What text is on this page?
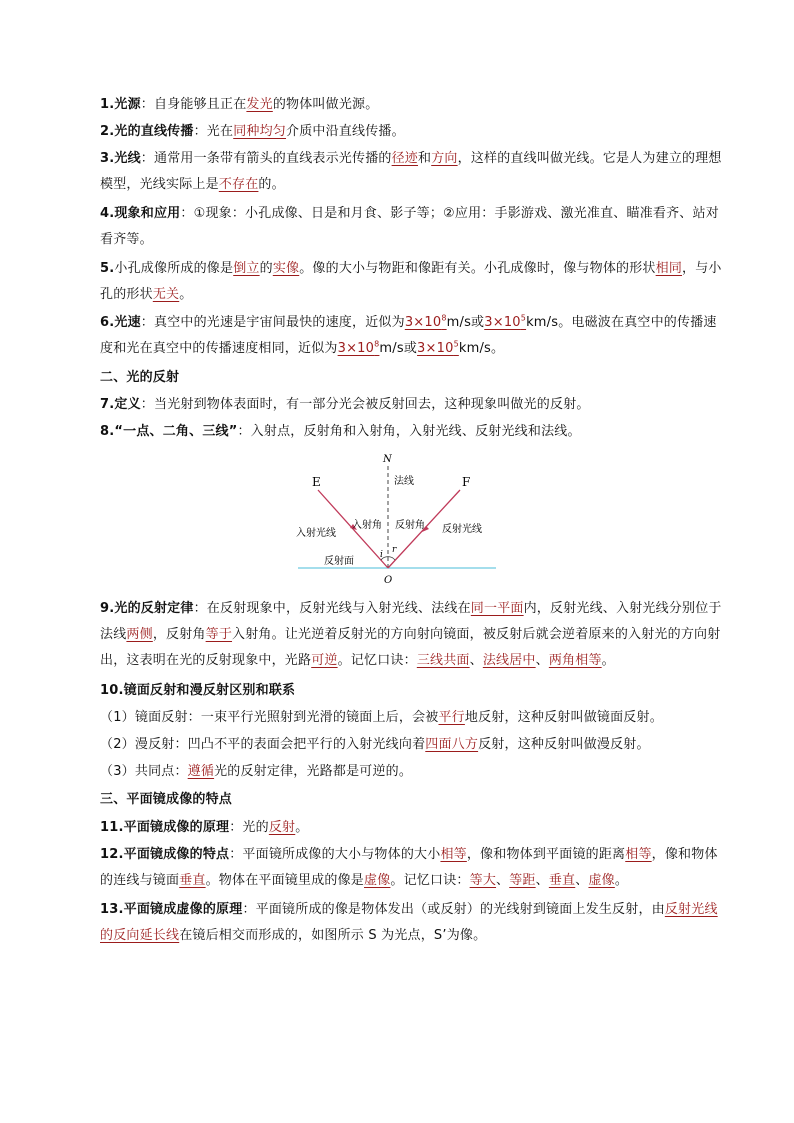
1.光源：自身能够且正在发光的物体叫做光源。
2.光的直线传播：光在同种均匀介质中沿直线传播。
3.光线：通常用一条带有箭头的直线表示光传播的径迹和方向，这样的直线叫做光线。它是人为建立的理想模型，光线实际上是不存在的。
4.现象和应用：①现象：小孔成像、日是和月食、影子等；②应用：手影游戏、激光准直、瞄准看齐、站对看齐等。
5.小孔成像所成的像是倒立的实像。像的大小与物距和像距有关。小孔成像时，像与物体的形状相同，与小孔的形状无关。
6.光速：真空中的光速是宇宙间最快的速度，近似为$3\times 10^8m/s$或$3\times 10^5km/s$。电磁波在真空中的传播速度和光在真空中的传播速度相同，近似为$3\times 10^8m/s$或$3\times 10^5km/s$。
二、光的反射
7.定义：当光射到物体表面时，有一部分光会被反射回去，这种现象叫做光的反射。
8.“一点、二角、三线”：入射点，反射角和入射角，入射光线、反射光线和法线。
E	F
N
O
i r
法线
入射角 反射角
入射光线	反射光线
反射面
9.光的反射定律：在反射现象中，反射光线与入射光线、法线在同一平面内，反射光线、入射光线分别位于法线两侧，反射角等于入射角。让光逆着反射光的方向射向镜面，被反射后就会逆着原来的入射光的方向射出，这表明在光的反射现象中，光路可逆。记忆口诀：三线共面、法线居中、两角相等。
10.镜面反射和漫反射区别和联系
（1）镜面反射：一束平行光照射到光滑的镜面上后，会被平行地反射，这种反射叫做镜面反射。
（2）漫反射：凹凸不平的表面会把平行的入射光线向着四面八方反射，这种反射叫做漫反射。
（3）共同点：遵循光的反射定律，光路都是可逆的。
三、平面镜成像的特点
11.平面镜成像的原理：光的反射。
12.平面镜成像的特点：平面镜所成像的大小与物体的大小相等，像和物体到平面镜的距离相等，像和物体的连线与镜面垂直。物体在平面镜里成的像是虚像。记忆口诀：等大、等距、垂直、虚像。
13.平面镜成虚像的原理：平面镜所成的像是物体发出（或反射）的光线射到镜面上发生反射，由反射光线的反向延长线在镜后相交而形成的，如图所示 S 为光点，S’为像。
